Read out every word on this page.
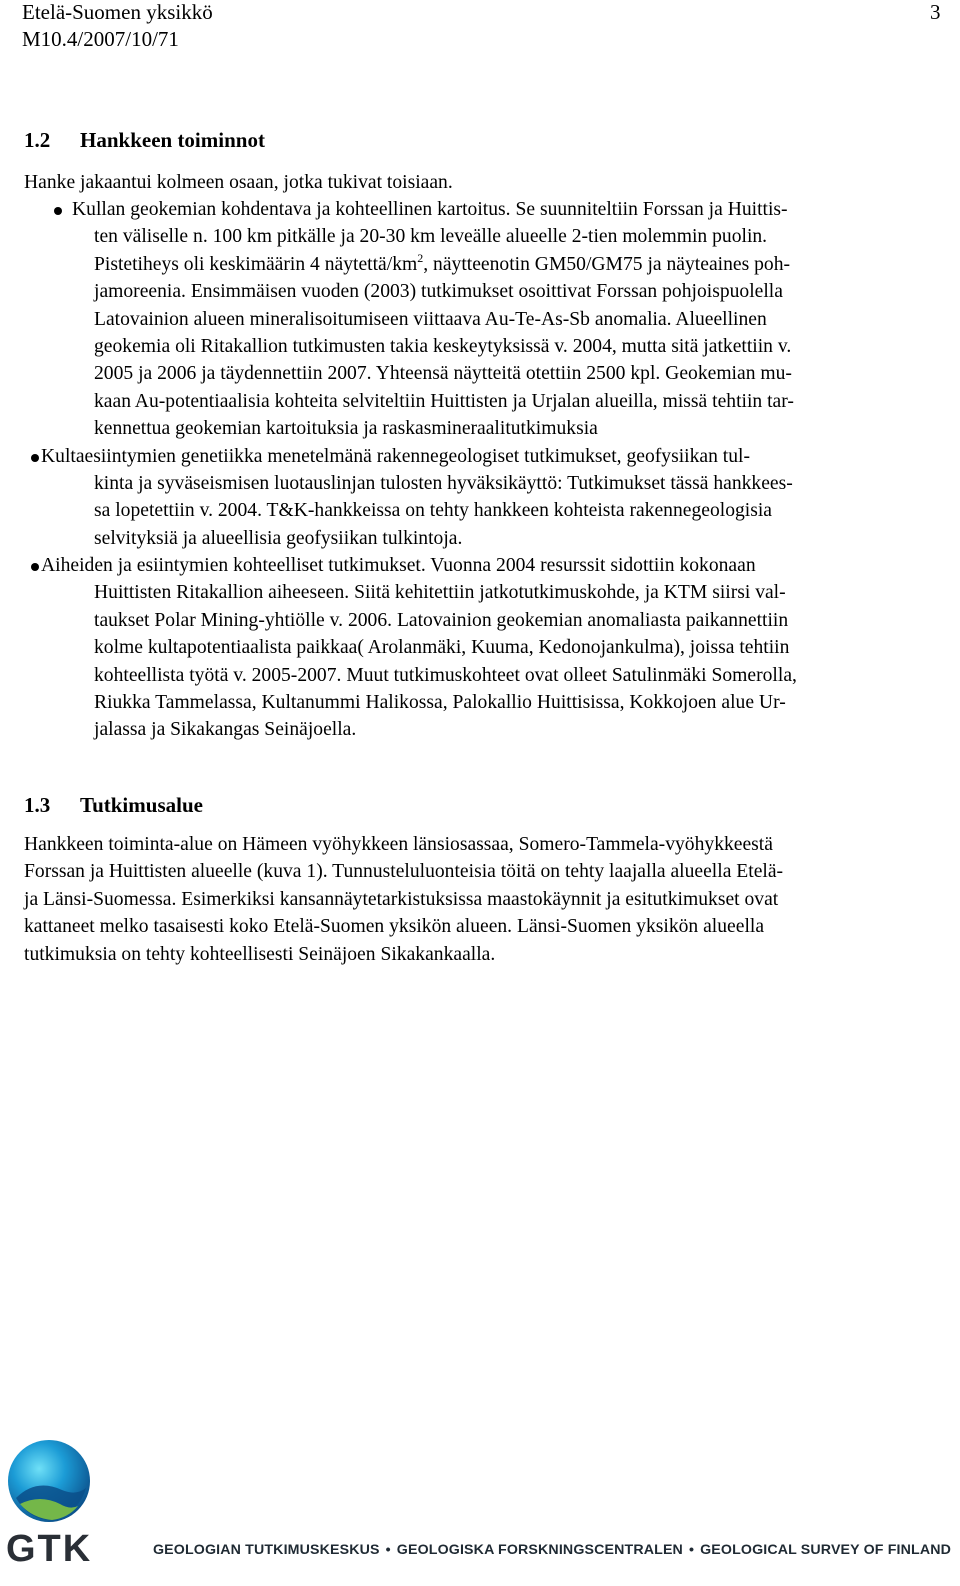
Etelä-Suomen yksikkö
M10.4/2007/10/71
3
1.2 Hankkeen toiminnot
Hanke jakaantui kolmeen osaan, jotka tukivat toisiaan.
Kullan geokemian kohdentava ja kohteellinen kartoitus. Se suunniteltiin Forssan ja Huittis-
ten väliselle n. 100 km pitkälle ja 20-30 km leveälle alueelle 2-tien molemmin puolin.
Pistetiheys oli keskimäärin 4 näytettä/$km^2$, näytteenotin GM50/GM75 ja näyteaines poh-
jamoreenia. Ensimmäisen vuoden (2003) tutkimukset osoittivat Forssan pohjoispuolella
Latovainion alueen mineralisoitumiseen viittaava Au-Te-As-Sb anomalia. Alueellinen
geokemia oli Ritakallion tutkimusten takia keskeytyksissä v. 2004, mutta sitä jatkettiin v.
2005 ja 2006 ja täydennettiin 2007. Yhteensä näytteitä otettiin 2500 kpl. Geokemian mu-
kaan Au-potentiaalisia kohteita selviteltiin Huittisten ja Urjalan alueilla, missä tehtiin tar-
kennettua geokemian kartoituksia ja raskasmineraalitutkimuksia
Kultaesiintymien genetiikka menetelmänä rakennegeologiset tutkimukset, geofysiikan tul-
kinta ja syväseismisen luotauslinjan tulosten hyväksikäyttö: Tutkimukset tässä hankkees-
sa lopetettiin v. 2004. T&K-hankkeissa on tehty hankkeen kohteista rakennegeologisia
selvityksiä ja alueellisia geofysiikan tulkintoja.
Aiheiden ja esiintymien kohteelliset tutkimukset. Vuonna 2004 resurssit sidottiin kokonaan
Huittisten Ritakallion aiheeseen. Siitä kehitettiin jatkotutkimuskohde, ja KTM siirsi val-
taukset Polar Mining-yhtiölle v. 2006. Latovainion geokemian anomaliasta paikannettiin
kolme kultapotentiaalista paikkaa( Arolanmäki, Kuuma, Kedonojankulma), joissa tehtiin
kohteellista työtä v. 2005-2007. Muut tutkimuskohteet ovat olleet Satulinmäki Somerolla,
Riukka Tammelassa, Kultanummi Halikossa, Palokallio Huittisissa, Kokkojoen alue Ur-
jalassa ja Sikakangas Seinäjoella.
1.3 Tutkimusalue
Hankkeen toiminta-alue on Hämeen vyöhykkeen länsiosassaa, Somero-Tammela-vyöhykkeestä
Forssan ja Huittisten alueelle (kuva 1). Tunnusteluluonteisia töitä on tehty laajalla alueella Etelä-
ja Länsi-Suomessa. Esimerkiksi kansannäytetarkistuksissa maastokäynnit ja esitutkimukset ovat
kattaneet melko tasaisesti koko Etelä-Suomen yksikön alueen. Länsi-Suomen yksikön alueella
tutkimuksia on tehty kohteellisesti Seinäjoen Sikakankaalla.
GTK	GEOLOGIAN TUTKIMUSKESKUS • GEOLOGISKA FORSKNINGSCENTRALEN • GEOLOGICAL SURVEY OF FINLAND
